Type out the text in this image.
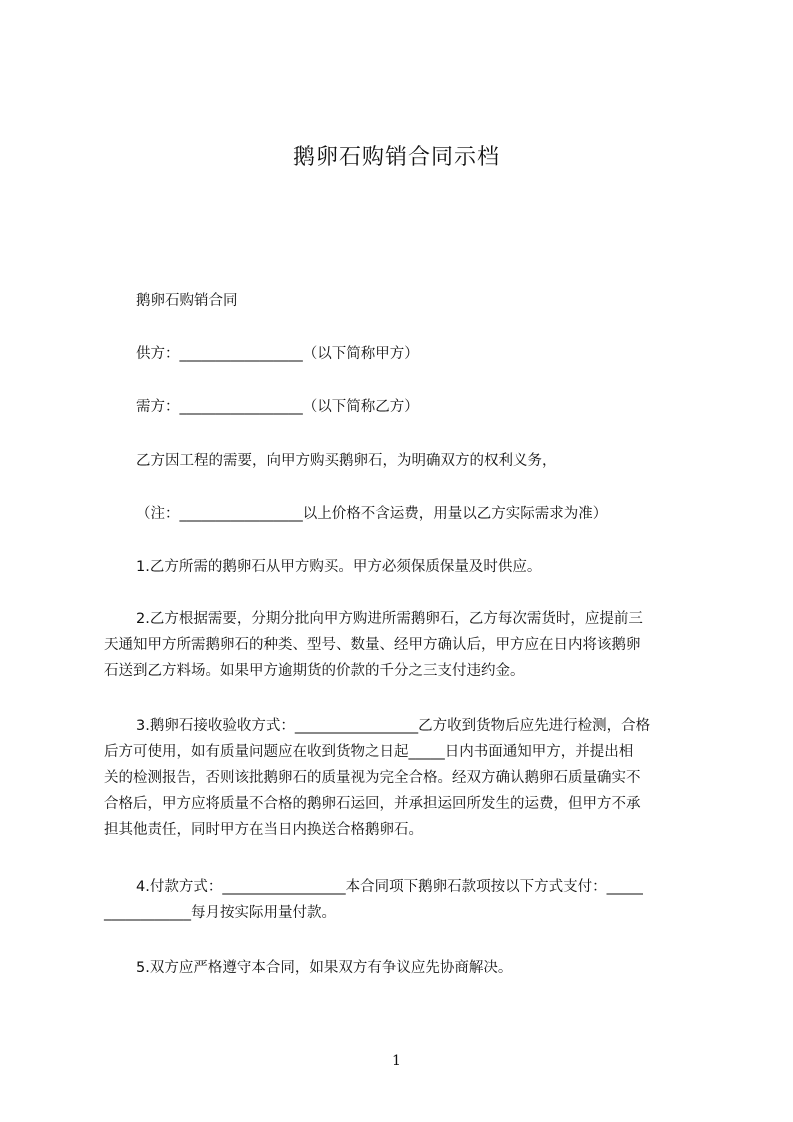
鹅卵石购销合同示档
鹅卵石购销合同
供方：_________________（以下简称甲方）
需方：_________________（以下简称乙方）
乙方因工程的需要，向甲方购买鹅卵石，为明确双方的权利义务，
（注：_________________以上价格不含运费，用量以乙方实际需求为准）
1.乙方所需的鹅卵石从甲方购买。甲方必须保质保量及时供应。
2.乙方根据需要，分期分批向甲方购进所需鹅卵石，乙方每次需货时，应提前三
天通知甲方所需鹅卵石的种类、型号、数量、经甲方确认后，甲方应在日内将该鹅卵
石送到乙方料场。如果甲方逾期货的价款的千分之三支付违约金。
3.鹅卵石接收验收方式：_________________乙方收到货物后应先进行检测，合格
后方可使用，如有质量问题应在收到货物之日起_____日内书面通知甲方，并提出相
关的检测报告，否则该批鹅卵石的质量视为完全合格。经双方确认鹅卵石质量确实不
合格后，甲方应将质量不合格的鹅卵石运回，并承担运回所发生的运费，但甲方不承
担其他责任，同时甲方在当日内换送合格鹅卵石。
4.付款方式：_________________本合同项下鹅卵石款项按以下方式支付：_____
____________每月按实际用量付款。
5.双方应严格遵守本合同，如果双方有争议应先协商解决。
1
